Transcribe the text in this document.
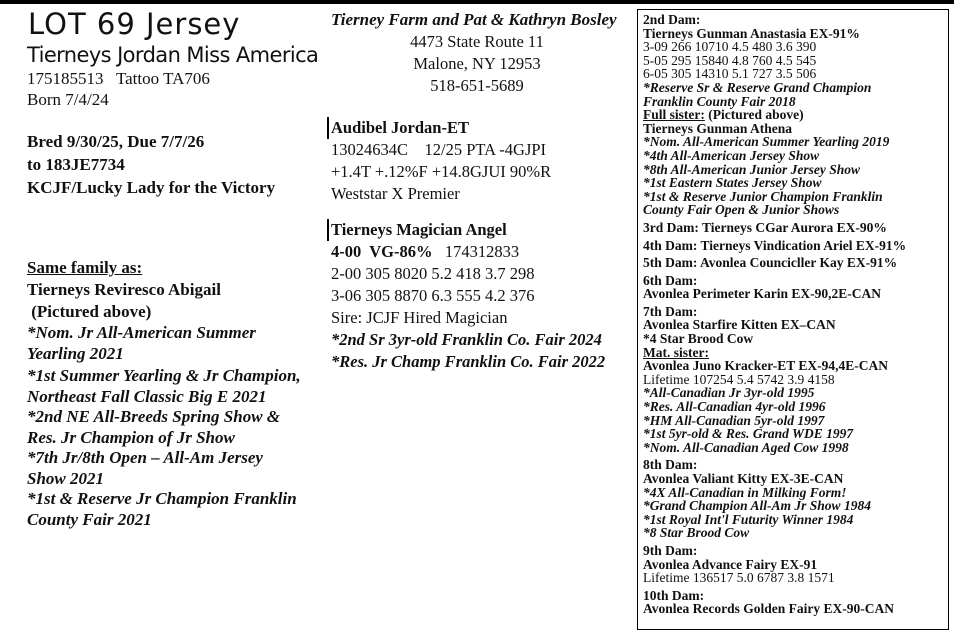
LOT 69 Jersey
Tierneys Jordan Miss America
175185513   Tattoo TA706
Born 7/4/24
Bred 9/30/25, Due 7/7/26
to 183JE7734
KCJF/Lucky Lady for the Victory
Same family as:
Tierneys Reviresco Abigail
(Pictured above)
*Nom. Jr All-American Summer
Yearling 2021
*1st Summer Yearling & Jr Champion,
Northeast Fall Classic Big E 2021
*2nd NE All-Breeds Spring Show &
Res. Jr Champion of Jr Show
*7th Jr/8th Open – All-Am Jersey
Show 2021
*1st & Reserve Jr Champion Franklin
County Fair 2021
Tierney Farm and Pat & Kathryn Bosley
4473 State Route 11
Malone, NY 12953
518-651-5689
Audibel Jordan-ET
13024634C    12/25 PTA -4GJPI
+1.4T +.12%F +14.8GJUI 90%R
Weststar X Premier
Tierneys Magician Angel
4-00  VG-86%   174312833
2-00 305 8020 5.2 418 3.7 298
3-06 305 8870 6.3 555 4.2 376
Sire: JCJF Hired Magician
*2nd Sr 3yr-old Franklin Co. Fair 2024
*Res. Jr Champ Franklin Co. Fair 2022
2nd Dam:
Tierneys Gunman Anastasia EX-91%
3-09 266 10710 4.5 480 3.6 390
5-05 295 15840 4.8 760 4.5 545
6-05 305 14310 5.1 727 3.5 506
*Reserve Sr & Reserve Grand Champion
Franklin County Fair 2018
Full sister: (Pictured above)
Tierneys Gunman Athena
*Nom. All-American Summer Yearling 2019
*4th All-American Jersey Show
*8th All-American Junior Jersey Show
*1st Eastern States Jersey Show
*1st & Reserve Junior Champion Franklin
County Fair Open & Junior Shows
3rd Dam: Tierneys CGar Aurora EX-90%
4th Dam: Tierneys Vindication Ariel EX-91%
5th Dam: Avonlea Councicller Kay EX-91%
6th Dam:
Avonlea Perimeter Karin EX-90,2E-CAN
7th Dam:
Avonlea Starfire Kitten EX–CAN
*4 Star Brood Cow
Mat. sister:
Avonlea Juno Kracker-ET EX-94,4E-CAN
Lifetime 107254 5.4 5742 3.9 4158
*All-Canadian Jr 3yr-old 1995
*Res. All-Canadian 4yr-old 1996
*HM All-Canadian 5yr-old 1997
*1st 5yr-old & Res. Grand WDE 1997
*Nom. All-Canadian Aged Cow 1998
8th Dam:
Avonlea Valiant Kitty EX-3E-CAN
*4X All-Canadian in Milking Form!
*Grand Champion All-Am Jr Show 1984
*1st Royal Int'l Futurity Winner 1984
*8 Star Brood Cow
9th Dam:
Avonlea Advance Fairy EX-91
Lifetime 136517 5.0 6787 3.8 1571
10th Dam:
Avonlea Records Golden Fairy EX-90-CAN
